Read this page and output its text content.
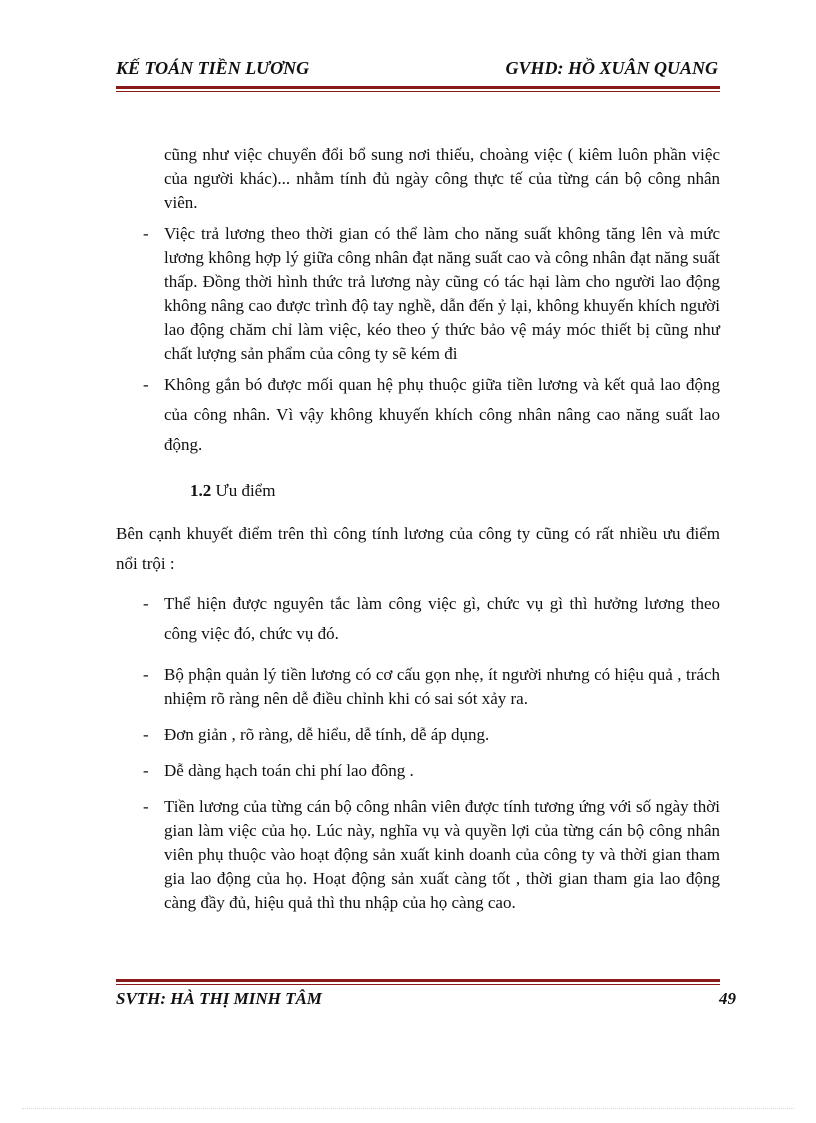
KẾ TOÁN TIỀN LƯƠNG	GVHD: HỒ XUÂN QUANG
cũng như việc chuyển đổi bổ sung nơi thiếu, choàng việc ( kiêm luôn phần việc của người khác)... nhằm tính đủ ngày công thực tế của từng cán bộ công nhân viên.
- Việc trả lương theo thời gian có thể làm cho năng suất không tăng lên và mức lương không hợp lý giữa công nhân đạt năng suất cao và công nhân đạt năng suất thấp. Đồng thời hình thức trả lương này cũng có tác hại làm cho người lao động không nâng cao được trình độ tay nghề, dẫn đến ỷ lại, không khuyến khích người lao động chăm chỉ làm việc, kéo theo ý thức bảo vệ máy móc thiết bị cũng như chất lượng sản phẩm của công ty sẽ kém đi
- Không gắn bó được mối quan hệ phụ thuộc giữa tiền lương và kết quả lao động của công nhân. Vì vậy không khuyến khích công nhân nâng cao năng suất lao động.
1.2 Ưu điểm
Bên cạnh khuyết điểm trên thì công tính lương của công ty cũng có rất nhiều ưu điểm nổi trội :
- Thể hiện được nguyên tắc làm công việc gì, chức vụ gì thì hưởng lương theo công việc đó, chức vụ đó.
- Bộ phận quản lý tiền lương có cơ cấu gọn nhẹ, ít người nhưng có hiệu quả , trách nhiệm rõ ràng nên dễ điều chỉnh khi có sai sót xảy ra.
- Đơn giản , rõ ràng, dễ hiểu, dễ tính, dễ áp dụng.
- Dễ dàng hạch toán chi phí lao đông .
- Tiền lương của từng cán bộ công nhân viên được tính tương ứng với số ngày thời gian làm việc của họ. Lúc này, nghĩa vụ và quyền lợi của từng cán bộ công nhân viên phụ thuộc vào hoạt động sản xuất kinh doanh của công ty và thời gian tham gia lao động của họ. Hoạt động sản xuất càng tốt , thời gian tham gia lao động càng đầy đủ, hiệu quả thì thu nhập của họ càng cao.
SVTH: HÀ THỊ MINH TÂM	49
